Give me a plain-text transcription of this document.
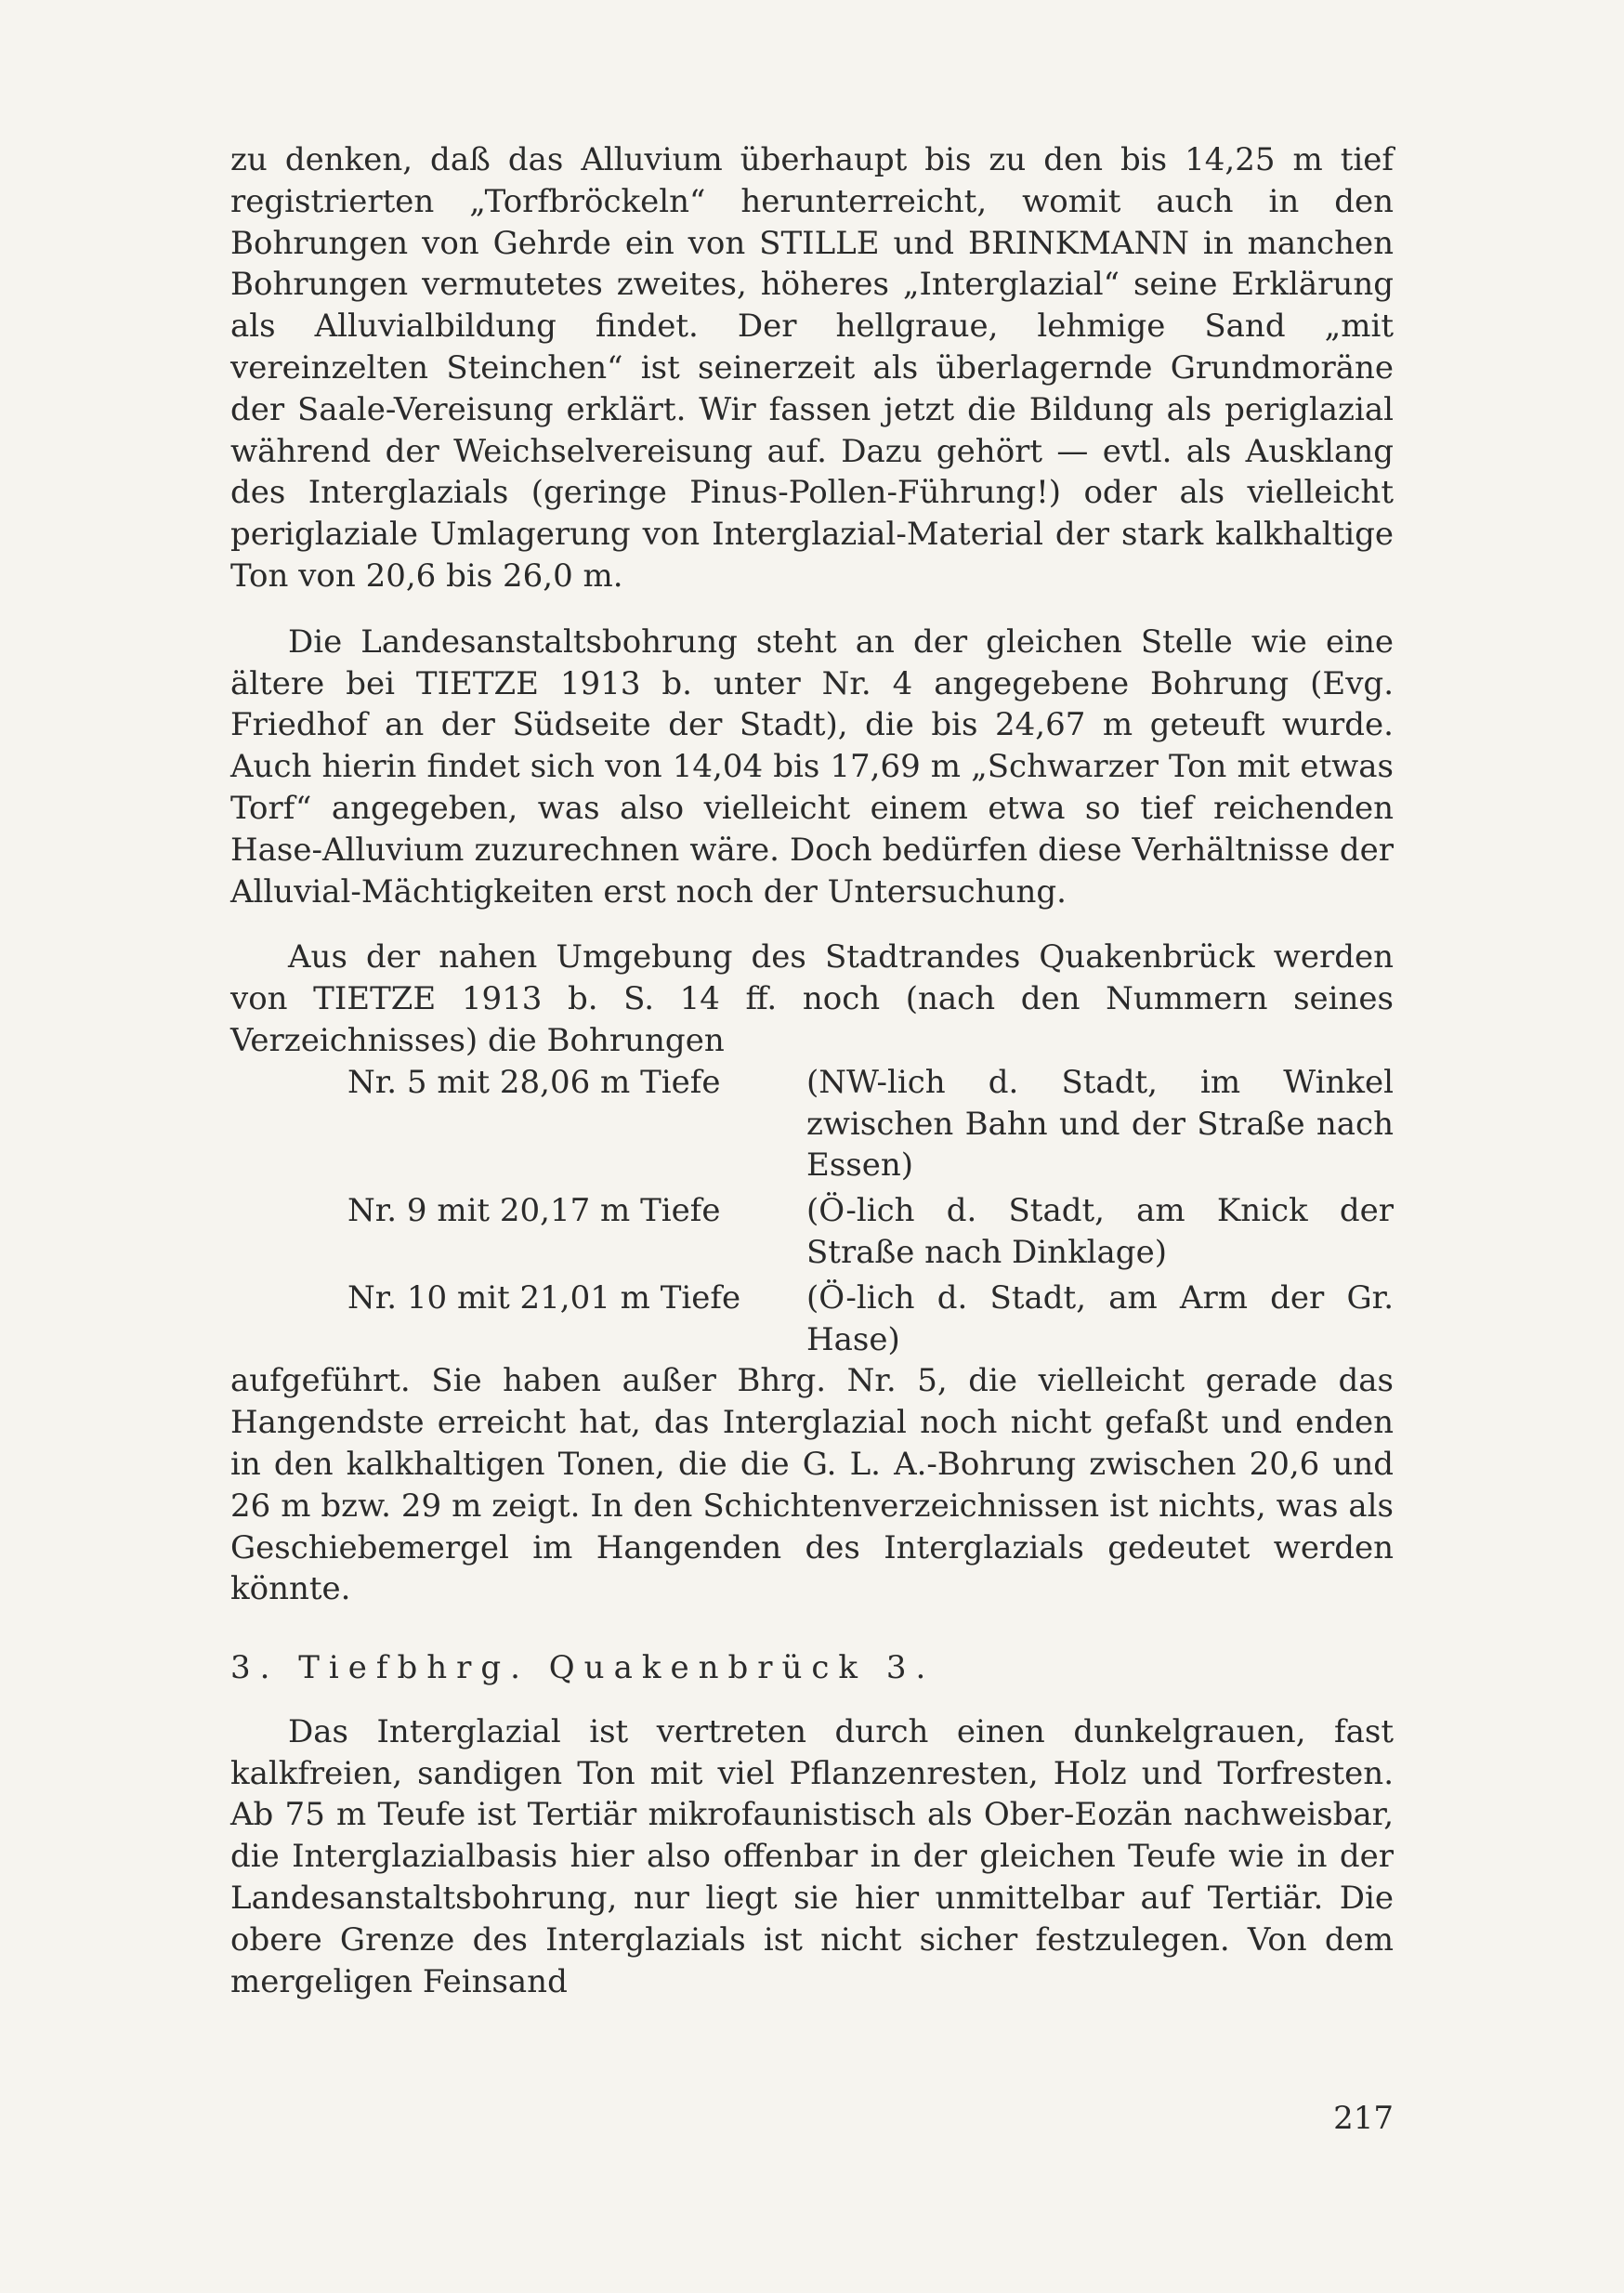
zu denken, daß das Alluvium überhaupt bis zu den bis 14,25 m tief registrierten „Torfbröckeln“ herunterreicht, womit auch in den Bohrungen von Gehrde ein von STILLE und BRINKMANN in manchen Bohrungen vermutetes zweites, höheres „Interglazial“ seine Erklärung als Alluvialbildung findet. Der hellgraue, lehmige Sand „mit vereinzelten Steinchen“ ist seinerzeit als überlagernde Grundmoräne der Saale-Vereisung erklärt. Wir fassen jetzt die Bildung als periglazial während der Weichselvereisung auf. Dazu gehört — evtl. als Ausklang des Interglazials (geringe Pinus-Pollen-Führung!) oder als vielleicht periglaziale Umlagerung von Interglazial-Material der stark kalkhaltige Ton von 20,6 bis 26,0 m.

Die Landesanstaltsbohrung steht an der gleichen Stelle wie eine ältere bei TIETZE 1913 b. unter Nr. 4 angegebene Bohrung (Evg. Friedhof an der Südseite der Stadt), die bis 24,67 m geteuft wurde. Auch hierin findet sich von 14,04 bis 17,69 m „Schwarzer Ton mit etwas Torf“ angegeben, was also vielleicht einem etwa so tief reichenden Hase-Alluvium zuzurechnen wäre. Doch bedürfen diese Verhältnisse der Alluvial-Mächtigkeiten erst noch der Untersuchung.

Aus der nahen Umgebung des Stadtrandes Quakenbrück werden von TIETZE 1913 b. S. 14 ff. noch (nach den Nummern seines Verzeichnisses) die Bohrungen

Nr. 5 mit 28,06 m Tiefe	(NW-lich d. Stadt, im Winkel zwischen Bahn und der Straße nach Essen)
Nr. 9 mit 20,17 m Tiefe	(Ö-lich d. Stadt, am Knick der Straße nach Dinklage)
Nr. 10 mit 21,01 m Tiefe	(Ö-lich d. Stadt, am Arm der Gr. Hase)

aufgeführt. Sie haben außer Bhrg. Nr. 5, die vielleicht gerade das Hangendste erreicht hat, das Interglazial noch nicht gefaßt und enden in den kalkhaltigen Tonen, die die G. L. A.-Bohrung zwischen 20,6 und 26 m bzw. 29 m zeigt. In den Schichtenverzeichnissen ist nichts, was als Geschiebemergel im Hangenden des Interglazials gedeutet werden könnte.

3. Tiefbhrg. Quakenbrück 3.

Das Interglazial ist vertreten durch einen dunkelgrauen, fast kalkfreien, sandigen Ton mit viel Pflanzenresten, Holz und Torfresten. Ab 75 m Teufe ist Tertiär mikrofaunistisch als Ober-Eozän nachweisbar, die Interglazialbasis hier also offenbar in der gleichen Teufe wie in der Landesanstaltsbohrung, nur liegt sie hier unmittelbar auf Tertiär. Die obere Grenze des Interglazials ist nicht sicher festzulegen. Von dem mergeligen Feinsand

217
